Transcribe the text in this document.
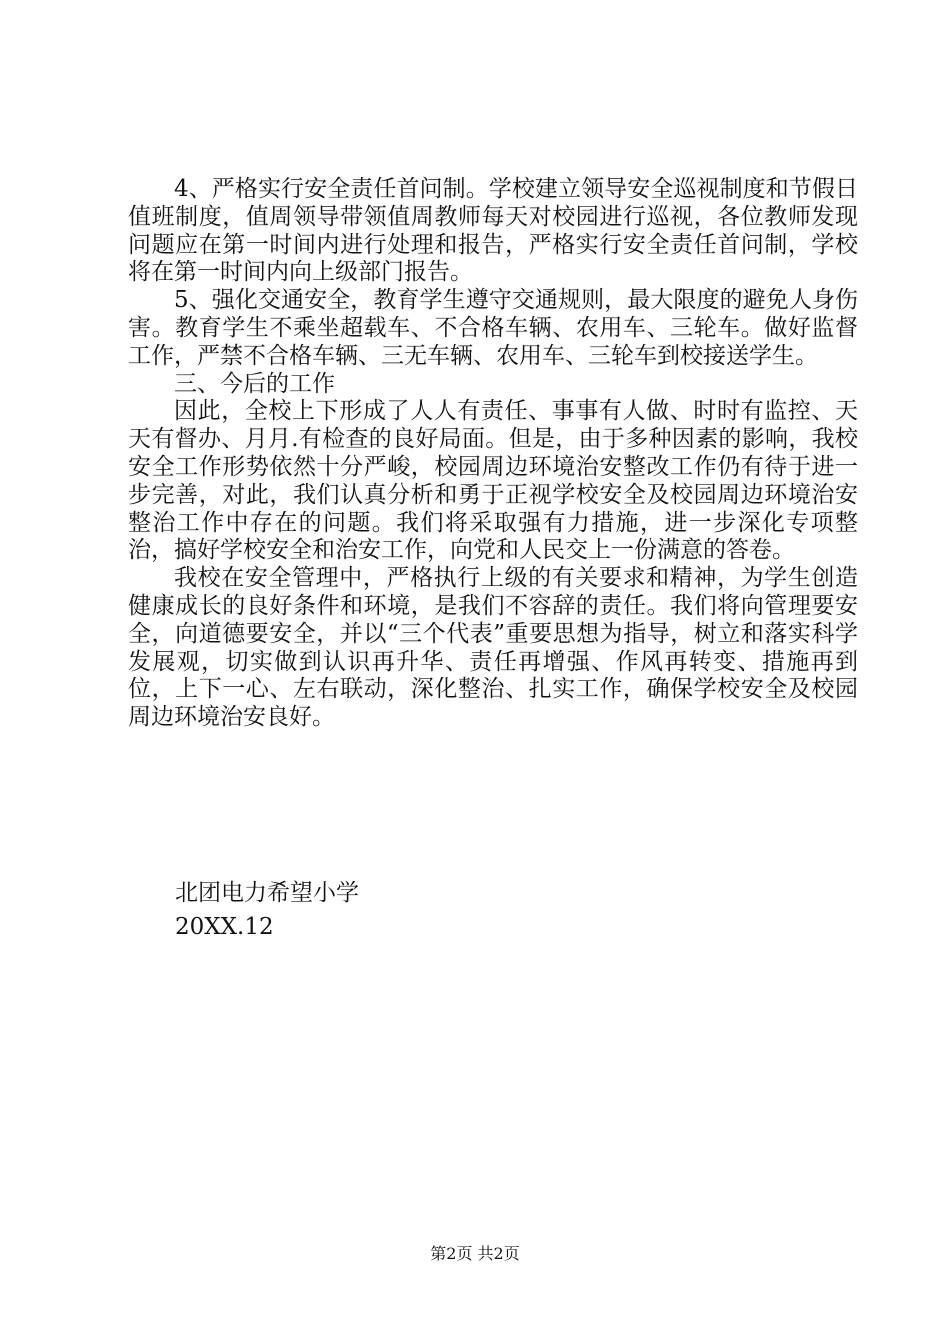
4、严格实行安全责任首问制。学校建立领导安全巡视制度和节假日值班制度，值周领导带领值周教师每天对校园进行巡视，各位教师发现问题应在第一时间内进行处理和报告，严格实行安全责任首问制，学校将在第一时间内向上级部门报告。

5、强化交通安全，教育学生遵守交通规则，最大限度的避免人身伤害。教育学生不乘坐超载车、不合格车辆、农用车、三轮车。做好监督工作，严禁不合格车辆、三无车辆、农用车、三轮车到校接送学生。

三、今后的工作

因此，全校上下形成了人人有责任、事事有人做、时时有监控、天天有督办、月月.有检查的良好局面。但是，由于多种因素的影响，我校安全工作形势依然十分严峻，校园周边环境治安整改工作仍有待于进一步完善，对此，我们认真分析和勇于正视学校安全及校园周边环境治安整治工作中存在的问题。我们将采取强有力措施，进一步深化专项整治，搞好学校安全和治安工作，向党和人民交上一份满意的答卷。

我校在安全管理中，严格执行上级的有关要求和精神，为学生创造健康成长的良好条件和环境，是我们不容辞的责任。我们将向管理要安全，向道德要安全，并以“三个代表”重要思想为指导，树立和落实科学发展观，切实做到认识再升华、责任再增强、作风再转变、措施再到位，上下一心、左右联动，深化整治、扎实工作，确保学校安全及校园周边环境治安良好。

北团电力希望小学
20XX.12
第2页 共2页
